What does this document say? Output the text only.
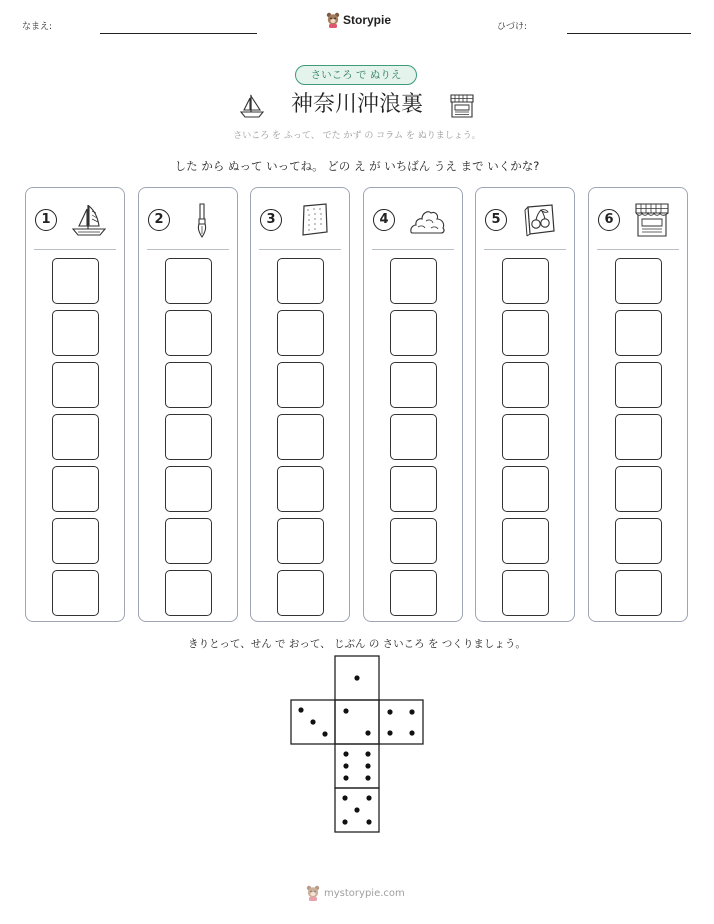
なまえ:	Storypie	ひづけ:
さいころ で ぬりえ
神奈川沖浪裏
さいころ を ふって、 でた かず の コラム を ぬりましょう。
した から ぬって いってね。 どの え が いちばん うえ まで いくかな?
1	2	3	4	5	6
きりとって、せん で おって、 じぶん の さいころ を つくりましょう。
mystorypie.com
